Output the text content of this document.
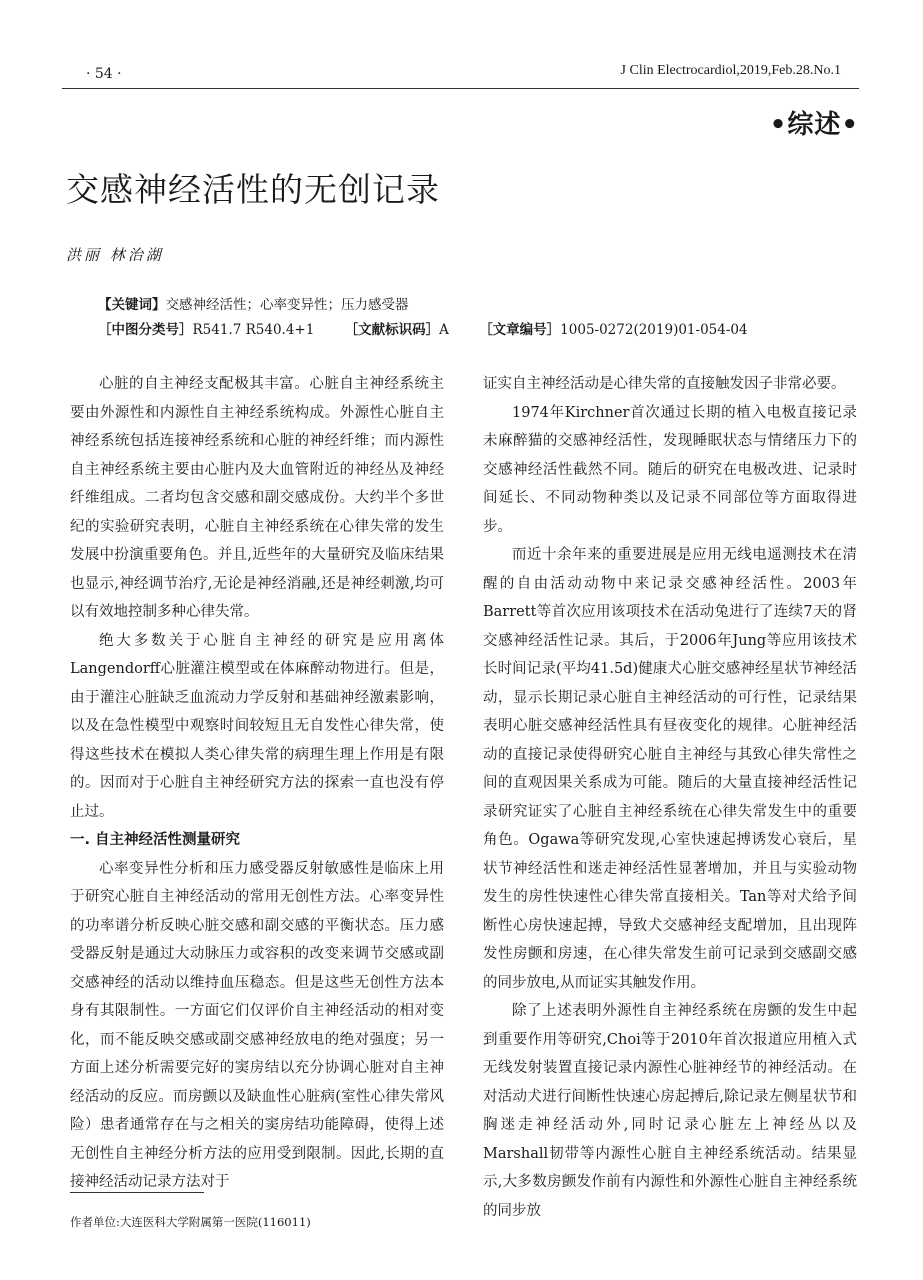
· 54 ·	J Clin Electrocardiol,2019,Feb.28.No.1
•综述•
交感神经活性的无创记录
洪丽 林治湖
【关键词】交感神经活性；心率变异性；压力感受器
［中图分类号］R541.7 R540.4+1 ［文献标识码］A ［文章编号］1005-0272(2019)01-054-04

心脏的自主神经支配极其丰富。心脏自主神经系统主要由外源性和内源性自主神经系统构成。外源性心脏自主神经系统包括连接神经系统和心脏的神经纤维；而内源性自主神经系统主要由心脏内及大血管附近的神经丛及神经纤维组成。二者均包含交感和副交感成份。大约半个多世纪的实验研究表明，心脏自主神经系统在心律失常的发生发展中扮演重要角色。并且,近些年的大量研究及临床结果也显示,神经调节治疗,无论是神经消融,还是神经刺激,均可以有效地控制多种心律失常。

绝大多数关于心脏自主神经的研究是应用离体Langendorff心脏灌注模型或在体麻醉动物进行。但是，由于灌注心脏缺乏血流动力学反射和基础神经激素影响，以及在急性模型中观察时间较短且无自发性心律失常，使得这些技术在模拟人类心律失常的病理生理上作用是有限的。因而对于心脏自主神经研究方法的探索一直也没有停止过。

一. 自主神经活性测量研究

心率变异性分析和压力感受器反射敏感性是临床上用于研究心脏自主神经活动的常用无创性方法。心率变异性的功率谱分析反映心脏交感和副交感的平衡状态。压力感受器反射是通过大动脉压力或容积的改变来调节交感或副交感神经的活动以维持血压稳态。但是这些无创性方法本身有其限制性。一方面它们仅评价自主神经活动的相对变化，而不能反映交感或副交感神经放电的绝对强度；另一方面上述分析需要完好的窦房结以充分协调心脏对自主神经活动的反应。而房颤以及缺血性心脏病(室性心律失常风险）患者通常存在与之相关的窦房结功能障碍，使得上述无创性自主神经分析方法的应用受到限制。因此,长期的直接神经活动记录方法对于

证实自主神经活动是心律失常的直接触发因子非常必要。

1974年Kirchner首次通过长期的植入电极直接记录未麻醉猫的交感神经活性，发现睡眠状态与情绪压力下的交感神经活性截然不同。随后的研究在电极改进、记录时间延长、不同动物种类以及记录不同部位等方面取得进步。

而近十余年来的重要进展是应用无线电遥测技术在清醒的自由活动动物中来记录交感神经活性。2003年Barrett等首次应用该项技术在活动兔进行了连续7天的肾交感神经活性记录。其后，于2006年Jung等应用该技术长时间记录(平均41.5d)健康犬心脏交感神经星状节神经活动，显示长期记录心脏自主神经活动的可行性，记录结果表明心脏交感神经活性具有昼夜变化的规律。心脏神经活动的直接记录使得研究心脏自主神经与其致心律失常性之间的直观因果关系成为可能。随后的大量直接神经活性记录研究证实了心脏自主神经系统在心律失常发生中的重要角色。Ogawa等研究发现,心室快速起搏诱发心衰后，星状节神经活性和迷走神经活性显著增加，并且与实验动物发生的房性快速性心律失常直接相关。Tan等对犬给予间断性心房快速起搏，导致犬交感神经支配增加，且出现阵发性房颤和房速，在心律失常发生前可记录到交感副交感的同步放电,从而证实其触发作用。

除了上述表明外源性自主神经系统在房颤的发生中起到重要作用等研究,Choi等于2010年首次报道应用植入式无线发射装置直接记录内源性心脏神经节的神经活动。在对活动犬进行间断性快速心房起搏后,除记录左侧星状节和胸迷走神经活动外,同时记录心脏左上神经丛以及Marshall韧带等内源性心脏自主神经系统活动。结果显示,大多数房颤发作前有内源性和外源性心脏自主神经系统的同步放

作者单位:大连医科大学附属第一医院(116011)
